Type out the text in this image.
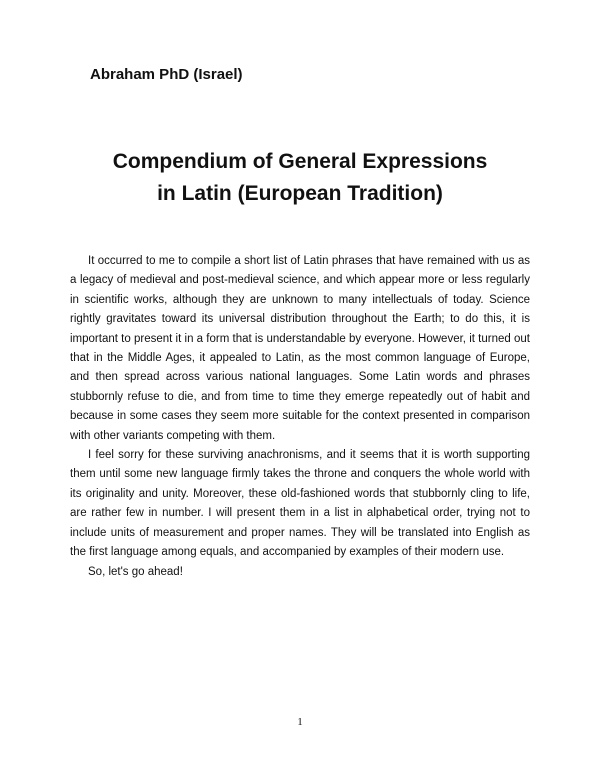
Abraham PhD (Israel)
Compendium of General Expressions
in Latin (European Tradition)

It occurred to me to compile a short list of Latin phrases that have remained with us as a legacy of medieval and post-medieval science, and which appear more or less regularly in scientific works, although they are unknown to many intellectuals of today. Science rightly gravitates toward its universal distribution throughout the Earth; to do this, it is important to present it in a form that is understandable by everyone. However, it turned out that in the Middle Ages, it appealed to Latin, as the most common language of Europe, and then spread across various national languages. Some Latin words and phrases stubbornly refuse to die, and from time to time they emerge repeatedly out of habit and because in some cases they seem more suitable for the context presented in comparison with other variants competing with them.

I feel sorry for these surviving anachronisms, and it seems that it is worth supporting them until some new language firmly takes the throne and conquers the whole world with its originality and unity. Moreover, these old-fashioned words that stubbornly cling to life, are rather few in number. I will present them in a list in alphabetical order, trying not to include units of measurement and proper names. They will be translated into English as the first language among equals, and accompanied by examples of their modern use.

So, let's go ahead!

1
